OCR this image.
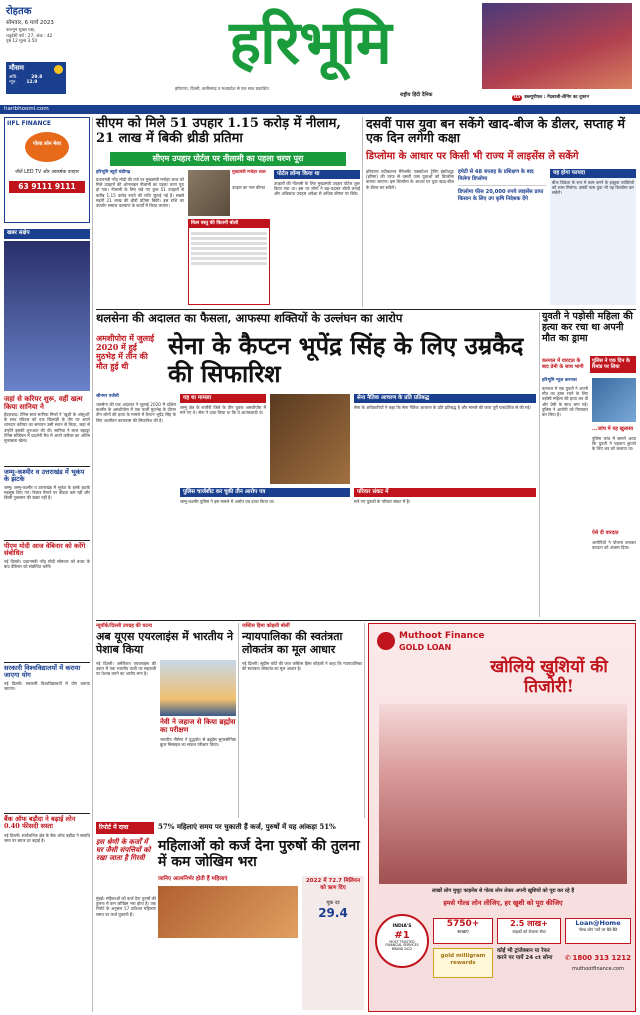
रोहतक
सोमवार, 6 मार्च 2023
फाल्गुन शुक्ल पक्ष,
चतुर्दशी वर्ष : 27, अंक : 42
पृष्ठ 12 मूल्य 3.50
मौसम
अधि.	29.8
न्यून. 12.9
हरिभूमि
हरियाणा, दिल्ली, छत्तीसगढ़ व मध्यप्रदेश से एक साथ प्रकाशित
राष्ट्रीय हिंदी दैनिक	05 डब्ल्यूपीएल : गेंदबाजी-लैनिंग का तूफान
haribhoomi.com
IIFL FINANCE
गोल्ड लोन मेला
जीतें LED TV और आकर्षक उपहार
63 9111 9111
खबर संक्षेप
जहां से करियर शुरू, वहीं खत्म किया सानिया ने
हैदराबाद। टेनिस स्टार सानिया मिर्जा ने 'खुशी के आंसुओं' के साथ रविवार को एक खिलाड़ी के तौर पर अपने शानदार करियर का समापन उसी स्थान से किया, जहां से उन्होंने इसकी शुरुआत की थी। सानिया ने लाल बहादुर टेनिस स्टेडियम में प्रदर्शनी मैच में अपने करियर का अंतिम मुकाबला खेला।
जम्मू-कश्मीर व उत्तराखंड में भूकंप के झटके
जम्मू। जम्मू-कश्मीर व उत्तराखंड में भूकंप के हल्के झटके महसूस किए गए। रिक्टर पैमाने पर तीव्रता कम रही और किसी नुकसान की खबर नहीं है।
पीएम मोदी आज वेबिनार को करेंगे संबोधित
नई दिल्ली। प्रधानमंत्री नरेंद्र मोदी सोमवार को बजट के बाद वेबिनार को संबोधित करेंगे।
सरकारी विश्वविद्यालयों में कराया जाएगा योग
नई दिल्ली। सरकारी विश्वविद्यालयों में योग कराया जाएगा।
बैंक ऑफ बड़ौदा ने बढ़ाई लोन 0.40 फीसदी सस्ता
नई दिल्ली। सार्वजनिक क्षेत्र के बैंक ऑफ बड़ौदा ने सावधि जमा पर ब्याज दर बढ़ाई है।
सीएम को मिले 51 उपहार 1.15 करोड़ में नीलाम, 21 लाख में बिकी थ्रीडी प्रतिमा
सीएम उपहार पोर्टल पर नीलामी का पहला चरण पूरा
हरिभूमि ब्यूरो चंडीगढ़
प्रधानमंत्री नरेंद्र मोदी की तर्ज पर मुख्यमंत्री मनोहर लाल को मिले उपहारों की ऑनलाइन नीलामी का पहला चरण पूरा हो गया। नीलामी के लिए रखे गए कुल 51 उपहारों से करीब 1.15 करोड़ रुपये की राशि जुटाई गई है। सबसे महंगी 21 लाख की थ्रीडी प्रतिमा बिकी। इस राशि का उपयोग समाज कल्याण के कार्यों में किया जाएगा।
मुख्यमंत्री मनोहर लाल
उपहार का नाम कीमत
किस वस्तु की कितनी बोली
पोर्टल लॉन्च किया था
उपहारों की नीलामी के लिए मुख्यमंत्री उपहार पोर्टल शुरू किया गया था। इस पर लोगों ने बढ़-चढ़कर बोली लगाई और अधिकांश उपहार अपेक्षा से अधिक कीमत पर बिके।
दसवीं पास युवा बन सकेंगे खाद-बीज के डीलर, सप्ताह में एक दिन लगेगी कक्षा
डिप्लोमा के आधार पर किसी भी राज्य में लाइसेंस ले सकेंगे
हरियाणा एग्रीकल्चर मैनेजमेंट एक्सटेंशन ट्रेनिंग इंस्टीट्यूट (हरिमा) की तरफ से दसवीं पास युवाओं को डिप्लोमा कराया जाएगा। इस डिप्लोमा के आधार पर युवा खाद-बीज के डीलर बन सकेंगे।
हमेटी से 48 सप्ताह के प्रशिक्षण के बाद मिलेगा डिप्लोमा
डिप्लोमा फीस 20,000 रुपये लाइसेंस प्राप्त किसान के लिए उप कृषि निदेशक देंगे
यह होगा फायदा
बीज विक्रेता के रूप में काम करने के इच्छुक व्यक्तियों को लाभ मिलेगा। दसवीं पास युवा भी यह डिप्लोमा कर सकेंगे।
थलसेना की अदालत का फैसला, आफस्पा शक्तियों के उल्लंघन का आरोप
अमशीपोरा में जुलाई 2020 में हुई मुठभेड़ में तीन की मौत हुई थी
सेना के कैप्टन भूपेंद्र सिंह के लिए उम्रकैद की सिफारिश
श्रीनगर एजेंसी
थलसेना की एक अदालत ने जुलाई 2020 में दक्षिण कश्मीर के अमशीपोरा में एक फर्जी मुठभेड़ के दौरान तीन लोगों की हत्या के मामले में कैप्टन भूपेंद्र सिंह के लिए आजीवन कारावास की सिफारिश की है।
यह था मामला
जम्मू क्षेत्र के राजौरी जिले के तीन युवक अमशीपोरा में मारे गए थे। सेना ने दावा किया था कि वे आतंकवादी थे।
सेना नैतिक आचरण के प्रति प्रतिबद्ध
सेना के अधिकारियों ने कहा कि सेना नैतिक आचरण के प्रति प्रतिबद्ध है और मामले की जांच पूरी पारदर्शिता से की गई।
पुलिस चार्जशीट कर चुकी तीन आरोप पत्र
जम्मू-कश्मीर पुलिस ने इस मामले में आरोप पत्र दायर किया था।
परिवार संकट में
मारे गए युवकों के परिवार संकट में हैं।
युवती ने पड़ोसी महिला की हत्या कर रचा था अपनी मौत का ड्रामा
करनाल में वारदात के बाद प्रेमी के साथ भागी
पुलिस ने एक दिन के रिमांड पर लिया
हरिभूमि न्यूज करनाल
करनाल में एक युवती ने अपनी मौत का ड्रामा रचने के लिए पड़ोसी महिला की हत्या कर दी और प्रेमी के साथ भाग गई। पुलिस ने आरोपी को गिरफ्तार कर लिया है।
...जांच में यह खुलासा
पुलिस जांच में सामने आया कि युवती ने पहचान छुपाने के लिए शव को जलाया था।
ऐसे दी वारदात
आरोपियों ने योजना बनाकर वारदात को अंजाम दिया।
न्यूयॉर्क/दिल्ली उपग्रह की घटना
अब यूएस एयरलाइंस में भारतीय ने पेशाब किया
नई दिल्ली। अमेरिकन एयरलाइंस की उड़ान में एक भारतीय यात्री पर सहयात्री पर पेशाब करने का आरोप लगा है।
नेवी ने जहाज से किया ब्रह्मोस का परीक्षण
भारतीय नौसेना ने युद्धपोत से ब्रह्मोस सुपरसोनिक क्रूज मिसाइल का सफल परीक्षण किया।
जस्टिस हिमा कोहली बोलीं
न्यायपालिका की स्वतंत्रता लोकतंत्र का मूल आधार
नई दिल्ली। सुप्रीम कोर्ट की जज जस्टिस हिमा कोहली ने कहा कि न्यायपालिका की स्वतंत्रता लोकतंत्र का मूल आधार है।
रिपोर्ट में दावा	57% महिलाएं समय पर चुकाती हैं कर्ज, पुरुषों में यह आंकड़ा 51%
इस श्रेणी के कर्जों में घर जैसी संपत्तियों को रखा जाता है गिरवी
महिलाओं को कर्ज देना पुरुषों की तुलना में कम जोखिम भरा
मुंबई। महिलाओं को कर्ज देना पुरुषों की तुलना में कम जोखिम भरा होता है। एक रिपोर्ट के अनुसार 57 प्रतिशत महिलाएं समय पर कर्ज चुकाती हैं।
जानिए आत्मनिर्भर होती हैं महिलाएं	2022 में 72.7 मिलियन को ऋण दिए
चूक दर
29.4
Muthoot Finance
GOLD LOAN
खोलिये खुशियों की तिजोरी!
लाखों लोग मुथूट फाइनेंस से गोल्ड लोन लेकर अपनी खुशियों को पूरा कर रहे हैं
हमसे गोल्ड लोन लीजिए, हर खुशी को पूरा कीजिए
INDIA'S
#1
MOST TRUSTED FINANCIAL SERVICES BRAND 2022
5750+
शाखाएं
2.5 लाख+
ग्राहकों को रोजाना सेवा
Loan@Home
गोल्ड लोन पायें घर बैठे-बैठे
gold milligram rewards
कोई भी ट्रांजेक्शन या रेफर करने पर पायें 24 ct सोना	✆ 1800 313 1212
muthootfinance.com
